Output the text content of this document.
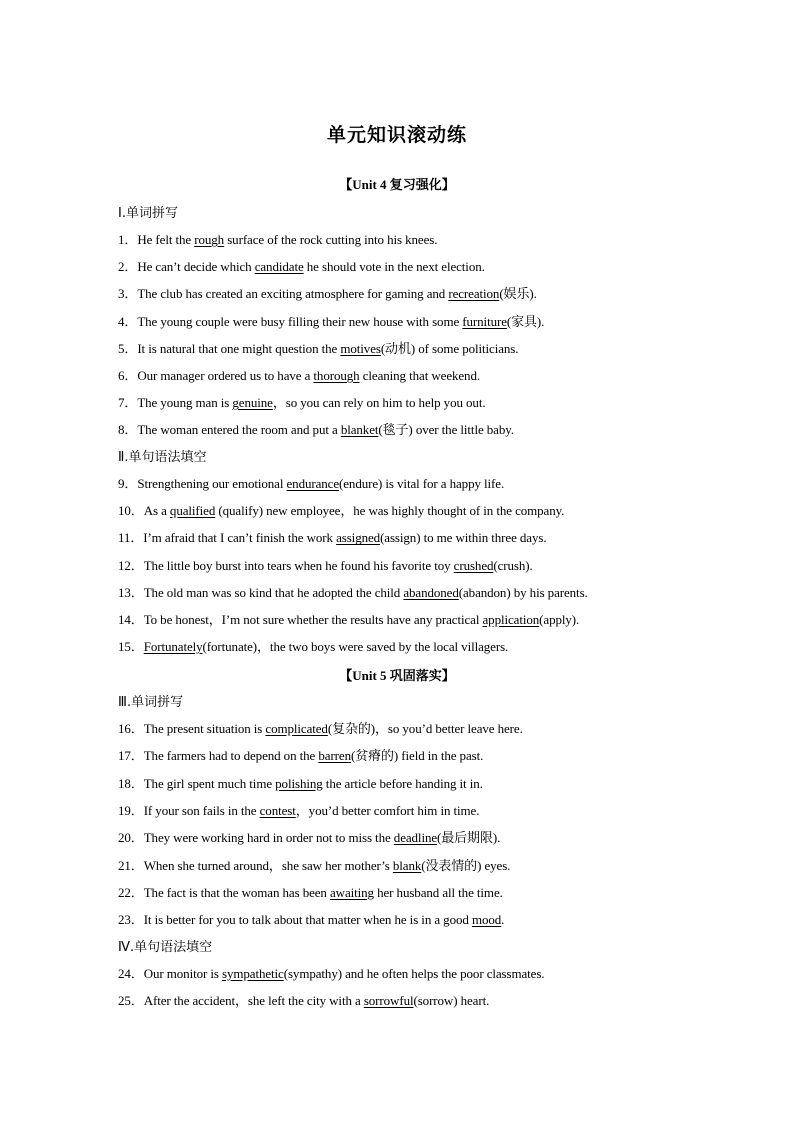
单元知识滚动练
【Unit 4 复习强化】
Ⅰ.单词拼写
1．He felt the rough surface of the rock cutting into his knees.
2．He can’t decide which candidate he should vote in the next election.
3．The club has created an exciting atmosphere for gaming and recreation(娱乐).
4．The young couple were busy filling their new house with some furniture(家具).
5．It is natural that one might question the motives(动机) of some politicians.
6．Our manager ordered us to have a thorough cleaning that weekend.
7．The young man is genuine，so you can rely on him to help you out.
8．The woman entered the room and put a blanket(毯子) over the little baby.
Ⅱ.单句语法填空
9．Strengthening our emotional endurance(endure) is vital for a happy life.
10．As a qualified (qualify) new employee，he was highly thought of in the company.
11．I’m afraid that I can’t finish the work assigned(assign) to me within three days.
12．The little boy burst into tears when he found his favorite toy crushed(crush).
13．The old man was so kind that he adopted the child abandoned(abandon) by his parents.
14．To be honest，I’m not sure whether the results have any practical application(apply).
15．Fortunately(fortunate)，the two boys were saved by the local villagers.
【Unit 5 巩固落实】
Ⅲ.单词拼写
16．The present situation is complicated(复杂的)，so you’d better leave here.
17．The farmers had to depend on the barren(贫瘠的) field in the past.
18．The girl spent much time polishing the article before handing it in.
19．If your son fails in the contest，you’d better comfort him in time.
20．They were working hard in order not to miss the deadline(最后期限).
21．When she turned around，she saw her mother’s blank(没表情的) eyes.
22．The fact is that the woman has been awaiting her husband all the time.
23．It is better for you to talk about that matter when he is in a good mood.
Ⅳ.单句语法填空
24．Our monitor is sympathetic(sympathy) and he often helps the poor classmates.
25．After the accident，she left the city with a sorrowful(sorrow) heart.
